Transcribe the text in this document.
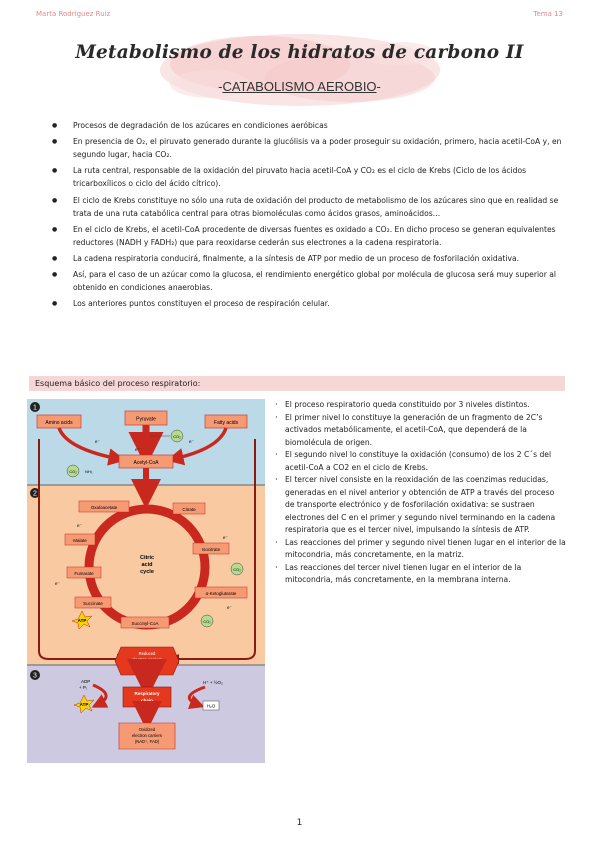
Marta Rodríguez Ruiz	Tema 13
Metabolismo de los hidratos de carbono II
-CATABOLISMO AEROBIO-
● Procesos de degradación de los azúcares en condiciones aeróbicas
● En presencia de O₂, el piruvato generado durante la glucólisis va a poder proseguir su oxidación, primero, hacia acetil-CoA y, en segundo lugar, hacia CO₂.
● La ruta central, responsable de la oxidación del piruvato hacia acetil-CoA y CO₂ es el ciclo de Krebs (Ciclo de los ácidos tricarboxílicos o ciclo del ácido cítrico).
● El ciclo de Krebs constituye no sólo una ruta de oxidación del producto de metabolismo de los azúcares sino que en realidad se trata de una ruta catabólica central para otras biomoléculas como ácidos grasos, aminoácidos…
● En el ciclo de Krebs, el acetil-CoA procedente de diversas fuentes es oxidado a CO₂. En dicho proceso se generan equivalentes reductores (NADH y FADH₂) que para reoxidarse cederán sus electrones a la cadena respiratoria.
● La cadena respiratoria conducirá, finalmente, a la síntesis de ATP por medio de un proceso de fosforilación oxidativa.
● Así, para el caso de un azúcar como la glucosa, el rendimiento energético global por molécula de glucosa será muy superior al obtenido en condiciones anaerobias.
● Los anteriores puntos constituyen el proceso de respiración celular.
Esquema básico del proceso respiratorio:
1
2
3
Amino acids
Pyruvate
Fatty acids
CO₂
CO₂ NH₃
e⁻	e⁻
e⁻
Acetyl-CoA
Citric
acid
cycle
Oxaloacetate	Citrate
Malate
Isocitrate
Fumarate
α-Ketoglutarate
Succinate
Succinyl-CoA
CO₂
CO₂
e⁻
e⁻
e⁻
e⁻
ATP
Reduced
electron carriers
(NADH, FADH₂)
Respiratory
chain
ADP
+ Pᵢ
ATP
H⁺ + ½O₂
H₂O
Oxidized
electron carriers
(NAD⁺, FAD)
· El proceso respiratorio queda constituido por 3 niveles distintos.
· El primer nivel lo constituye la generación de un fragmento de 2C’s activados metabólicamente, el acetil-CoA, que dependerá de la biomolécula de origen.
· El segundo nivel lo constituye la oxidación (consumo) de los 2 C´s del acetil-CoA a CO2 en el ciclo de Krebs.
· El tercer nivel consiste en la reoxidación de las coenzimas reducidas, generadas en el nivel anterior y obtención de ATP a través del proceso de transporte electrónico y de fosforilación oxidativa: se sustraen electrones del C en el primer y segundo nivel terminando en la cadena respiratoria que es el tercer nivel, impulsando la síntesis de ATP.
· Las reacciones del primer y segundo nivel tienen lugar en el interior de la mitocondria, más concretamente, en la matriz.
· Las reacciones del tercer nivel tienen lugar en el interior de la mitocondria, más concretamente, en la membrana interna.
1
